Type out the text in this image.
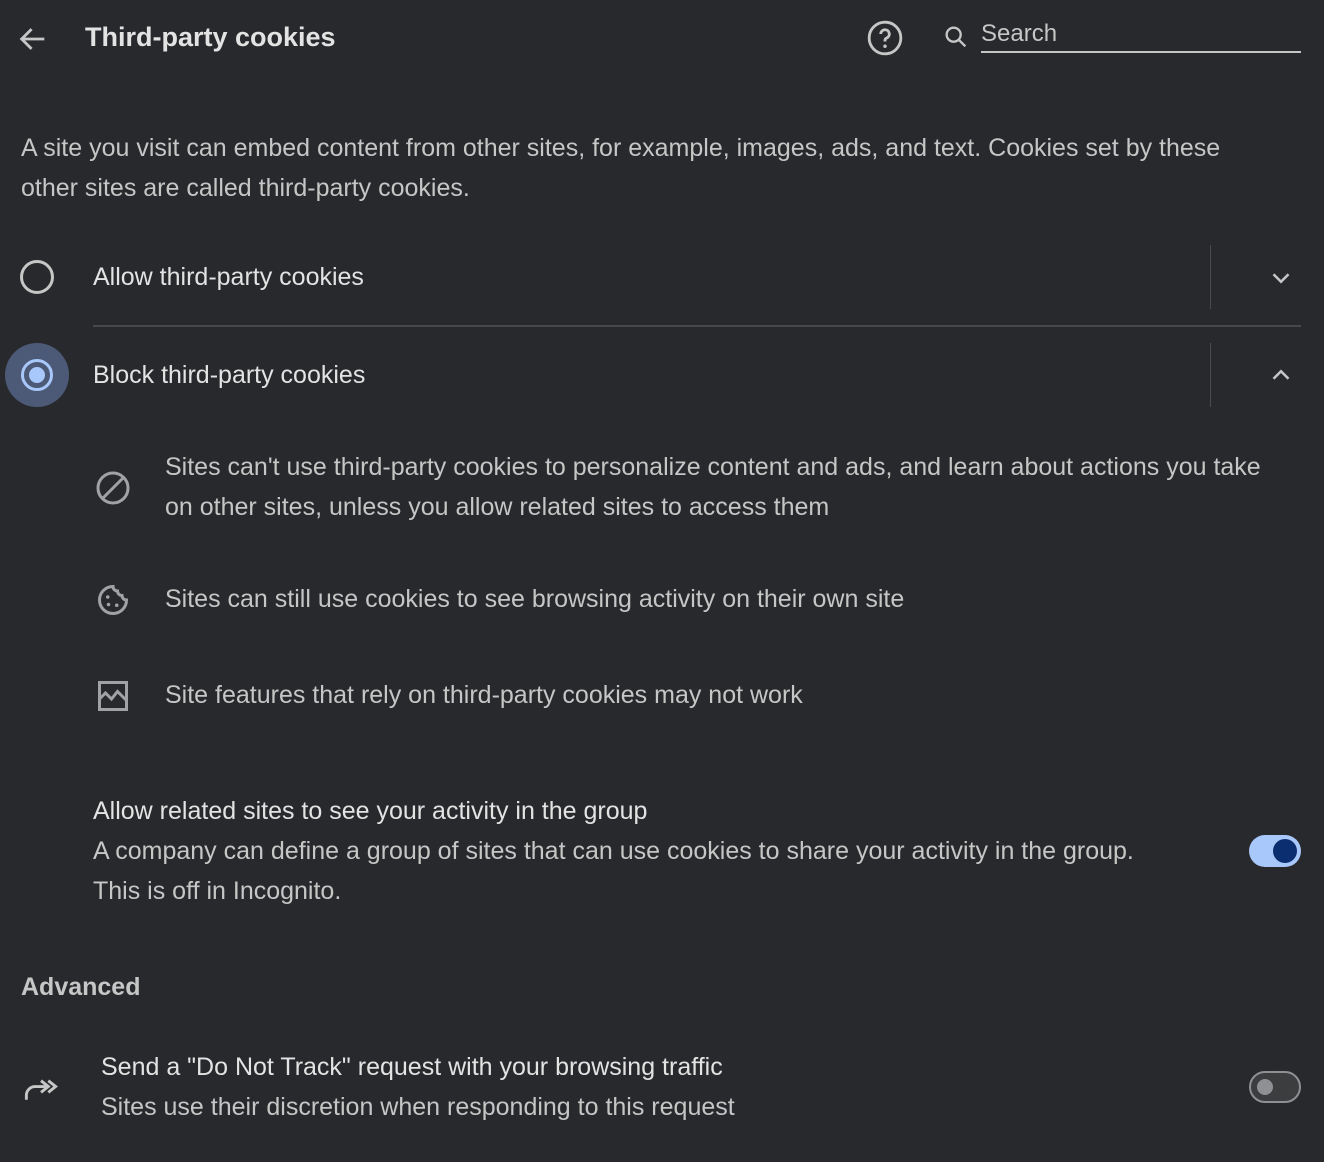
Third-party cookies	Search
A site you visit can embed content from other sites, for example, images, ads, and text. Cookies set by these other sites are called third-party cookies.
Allow third-party cookies
Block third-party cookies
Sites can't use third-party cookies to personalize content and ads, and learn about actions you take
on other sites, unless you allow related sites to access them
Sites can still use cookies to see browsing activity on their own site
Site features that rely on third-party cookies may not work
Allow related sites to see your activity in the group
A company can define a group of sites that can use cookies to share your activity in the group.
This is off in Incognito.
Advanced
Send a "Do Not Track" request with your browsing traffic
Sites use their discretion when responding to this request
